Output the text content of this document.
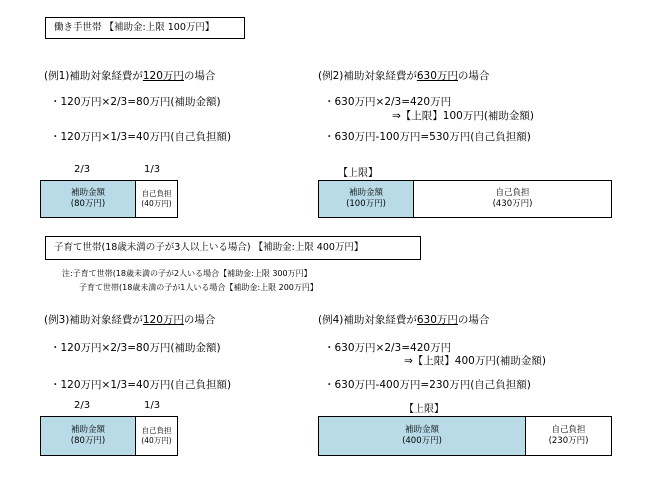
働き手世帯 【補助金:上限 100万円】
(例1)補助対象経費が120万円の場合
・120万円×2/3=80万円(補助金額)
・120万円×1/3=40万円(自己負担額)
2/3	1/3
補助金額
(80万円)
自己負担
(40万円)
(例2)補助対象経費が630万円の場合
・630万円×2/3=420万円
⇒【上限】100万円(補助金額)
・630万円-100万円=530万円(自己負担額)
【上限】
補助金額
(100万円)
自己負担
(430万円)
子育て世帯(18歳未満の子が3人以上いる場合) 【補助金:上限 400万円】
注:子育て世帯(18歳未満の子が2人いる場合【補助金:上限 300万円】
子育て世帯(18歳未満の子が1人いる場合【補助金:上限 200万円】
(例3)補助対象経費が120万円の場合
・120万円×2/3=80万円(補助金額)
・120万円×1/3=40万円(自己負担額)
2/3	1/3
補助金額
(80万円)
自己負担
(40万円)
(例4)補助対象経費が630万円の場合
・630万円×2/3=420万円
⇒【上限】400万円(補助金額)
・630万円-400万円=230万円(自己負担額)
【上限】
補助金額
(400万円)
自己負担
(230万円)
